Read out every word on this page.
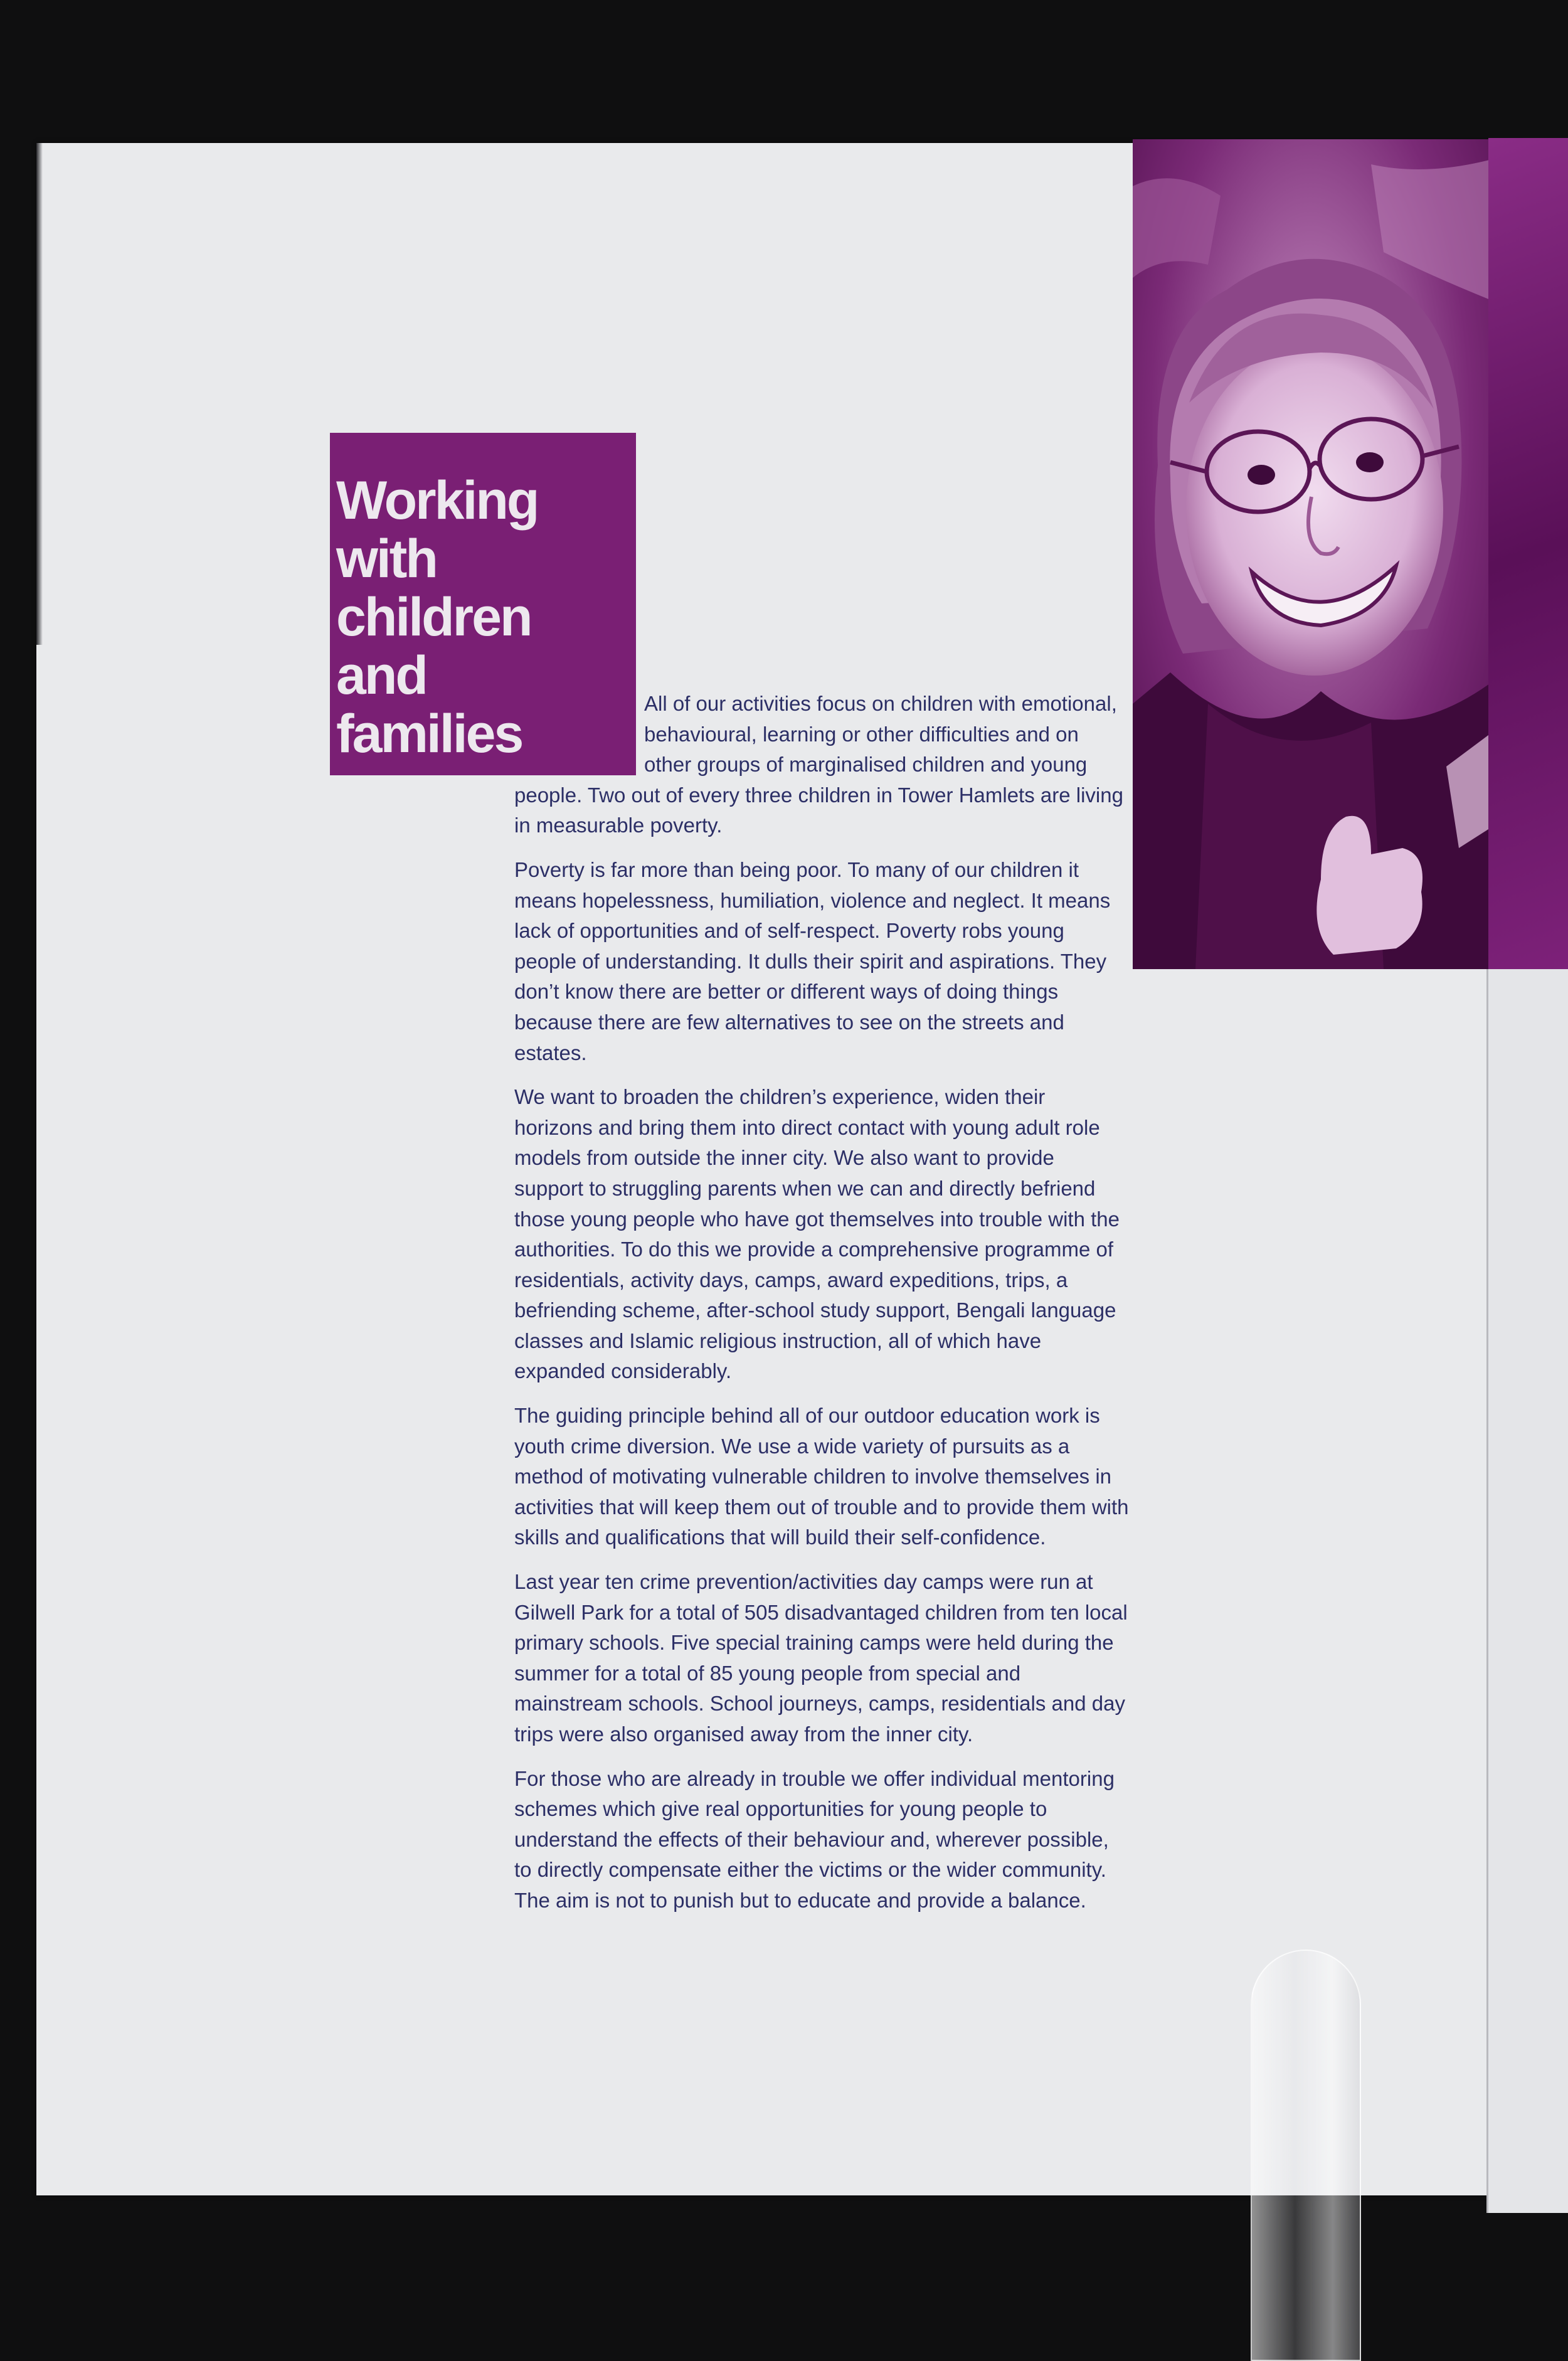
Working
with
children
and
families

All of our activities focus on children with emotional, behavioural, learning or other difficulties and on other groups of marginalised children and young people. Two out of every three children in Tower Hamlets are living in measurable poverty.

Poverty is far more than being poor. To many of our children it means hopelessness, humiliation, violence and neglect. It means lack of opportunities and of self-respect. Poverty robs young people of understanding. It dulls their spirit and aspirations. They don’t know there are better or different ways of doing things because there are few alternatives to see on the streets and estates.

We want to broaden the children’s experience, widen their horizons and bring them into direct contact with young adult role models from outside the inner city. We also want to provide support to struggling parents when we can and directly befriend those young people who have got themselves into trouble with the authorities. To do this we provide a comprehensive programme of residentials, activity days, camps, award expeditions, trips, a befriending scheme, after-school study support, Bengali language classes and Islamic religious instruction, all of which have expanded considerably.

The guiding principle behind all of our outdoor education work is youth crime diversion. We use a wide variety of pursuits as a method of motivating vulnerable children to involve themselves in activities that will keep them out of trouble and to provide them with skills and qualifications that will build their self-confidence.

Last year ten crime prevention/activities day camps were run at Gilwell Park for a total of 505 disadvantaged children from ten local primary schools. Five special training camps were held during the summer for a total of 85 young people from special and mainstream schools. School journeys, camps, residentials and day trips were also organised away from the inner city.

For those who are already in trouble we offer individual mentoring schemes which give real opportunities for young people to understand the effects of their behaviour and, wherever possible, to directly compensate either the victims or the wider community. The aim is not to punish but to educate and provide a balance.
